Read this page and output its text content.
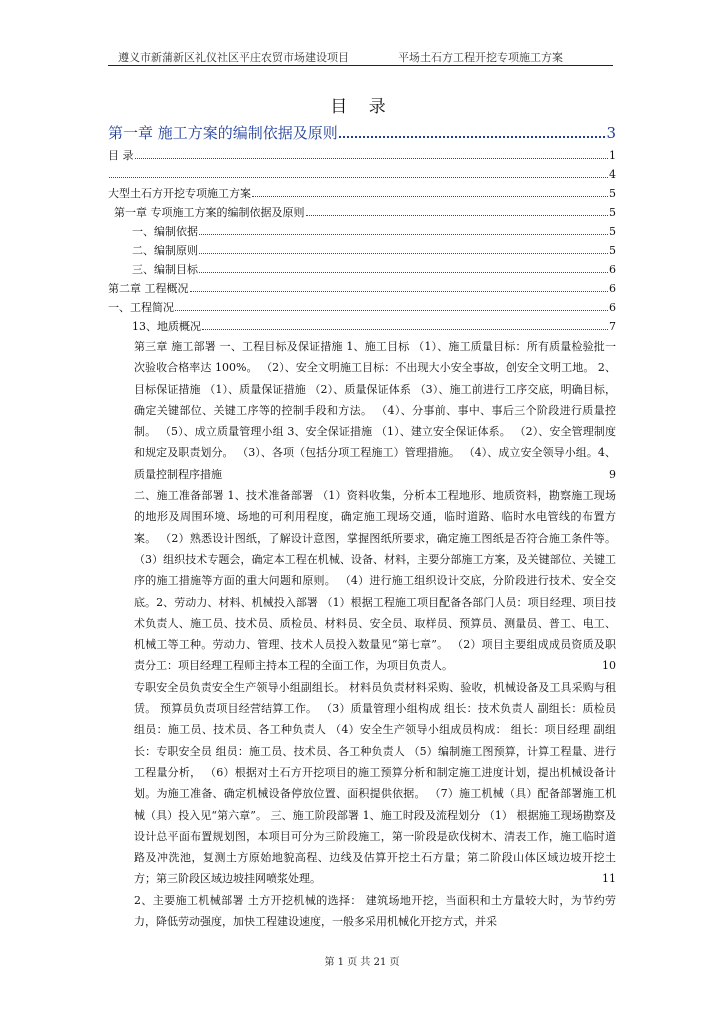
遵义市新蒲新区礼仪社区平庄农贸市场建设项目	平场土石方工程开挖专项施工方案
目 录
第一章 施工方案的编制依据及原则	3
目 录	1
4
大型土石方开挖专项施工方案	5
第一章 专项施工方案的编制依据及原则	5
一、编制依据	5
二、编制原则	5
三、编制目标	6
第二章 工程概况	6
一、工程简况	6
13、地质概况	7
第三章 施工部署 一、工程目标及保证措施 1、施工目标 （1）、施工质量目标：所有质量检验批一次验收合格率达 100%。 （2）、安全文明施工目标：不出现大小安全事故，创安全文明工地。 2、目标保证措施 （1）、质量保证措施 （2）、质量保证体系 （3）、施工前进行工序交底，明确目标，确定关键部位、关键工序等的控制手段和方法。 （4）、分事前、事中、事后三个阶段进行质量控制。 （5）、成立质量管理小组 3、安全保证措施 （1）、建立安全保证体系。 （2）、安全管理制度和规定及职责划分。 （3）、各项（包括分项工程施工）管理措施。 （4）、成立安全领导小组。4、质量控制程序措施	9
二、施工准备部署 1、技术准备部署 （1）资料收集，分析本工程地形、地质资料，勘察施工现场的地形及周围环境、场地的可利用程度，确定施工现场交通，临时道路、临时水电管线的布置方案。 （2）熟悉设计图纸，了解设计意图，掌握图纸所要求，确定施工图纸是否符合施工条件等。 （3）组织技术专题会，确定本工程在机械、设备、材料，主要分部施工方案，及关键部位、关键工序的施工措施等方面的重大问题和原则。 （4）进行施工组织设计交底，分阶段进行技术、安全交底。2、劳动力、材料、机械投入部署 （1）根据工程施工项目配备各部门人员：项目经理、项目技术负责人、施工员、技术员、质检员、材料员、安全员、取样员、预算员、测量员、普工、电工、机械工等工种。劳动力、管理、技术人员投入数量见“第七章”。 （2）项目主要组成成员资质及职责分工：项目经理工程师主持本工程的全面工作，为项目负责人。	10
专职安全员负责安全生产领导小组副组长。 材料员负责材料采购、验收，机械设备及工具采购与租赁。 预算员负责项目经营结算工作。 （3）质量管理小组构成 组长：技术负责人 副组长：质检员 组员：施工员、技术员、各工种负责人 （4）安全生产领导小组成员构成： 组长：项目经理 副组长：专职安全员 组员：施工员、技术员、各工种负责人 （5）编制施工图预算，计算工程量、进行工程量分析， （6）根据对土石方开挖项目的施工预算分析和制定施工进度计划，提出机械设备计划。为施工准备、确定机械设备停放位置、面积提供依据。 （7）施工机械（具）配备部署施工机械（具）投入见“第六章”。 三、施工阶段部署 1、施工时段及流程划分 （1） 根据施工现场勘察及设计总平面布置规划图，本项目可分为三阶段施工，第一阶段是砍伐树木、清表工作，施工临时道路及冲洗池，复测土方原始地貌高程、边线及估算开挖土石方量；第二阶段山体区域边坡开挖土方；第三阶段区域边坡挂网喷浆处理。	11
2、主要施工机械部署 土方开挖机械的选择： 建筑场地开挖，当面积和土方量较大时，为节约劳力，降低劳动强度，加快工程建设速度，一般多采用机械化开挖方式，并采
第 1 页 共 21 页
